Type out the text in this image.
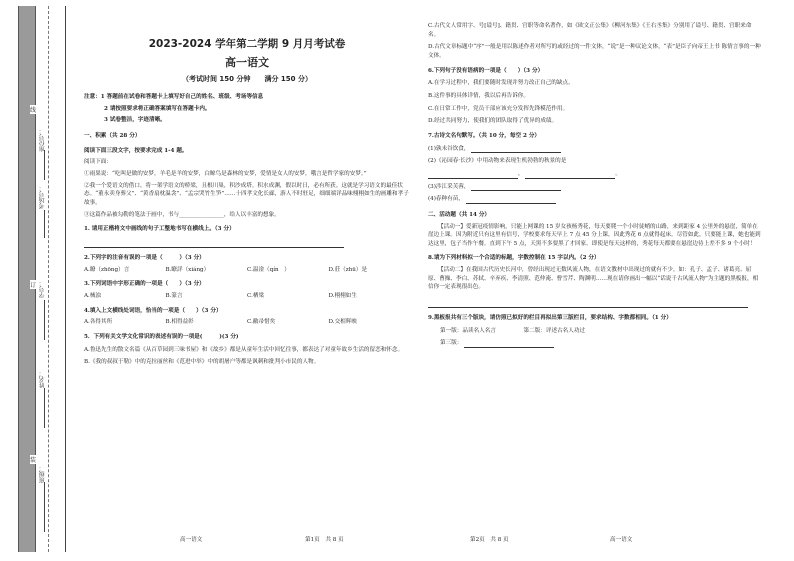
线
订
装
座位号：
考场号：
学号：
姓名：
班级：
2023-2024 学年第二学期 9 月月考试卷
高一语文
（考试时间 150 分钟　　满分 150 分）
注意：1 答题前在试卷和答题卡上填写好自己的姓名、班级、考场等信息
2 请按照要求将正确答案填写在答题卡内。
3 试卷整洁，字迹清晰。
一、积累（共 28 分）
阅读下面三段文字，按要求完成 1-4 题。
阅读下面：
①雨果说：“吃叫是做的安梦，羊毛是羊的安梦，白鲸鸟是森林的安梦，爱情是女人的安梦，哦言是哲学家的安梦。”
②我一个爱语文的借口，将一架学语文的桥梁，且根川巢，积沙成塔。积水成渊，假以时日，必有所获。这就是学习语文的最佳状态。“董永卖身葬父”、“黄香扇枕温衾”、“孟宗哭竹生笋”……十四孝文化长廊，游人不时驻足，细细端详品味栩栩如生的画雕和孝子故事。
③这篇作品被勾勒的笔法于画中，书与________________，给人以丰富的想象。
1. 请用正楷将文中画线的句子工整地书写在横线上。（3 分）
2.下列字的注音有误的一项是（　　　）（3 分）
A.瞭（zhōng）言	B.瞭詳（xiáng）	C.温淦（qín　）	D.莊（zhū）是
3.下列词语中字形正确的一项是（　　）（3 分）
A.械浊	B.篆言	C.栖梁	D.栩栩如生
4.填入上文横线处词语，恰当的一项是（　　）（3 分）
A.各得其所	B.相得益彰	C.敝帚惜矣	D.交相辉映
5．下列有关文学文化常识的表述有误的一项是(　　　)(3 分)
A.鲁迅先生的散文名篇《从百草园到三味书屋》和《故乡》都是从童年生活中回忆往事，都表达了对童年故乡生活的留恋和怀念。
B.《我的叔叔于勒》中的克拉丽丝和《范进中举》中的胡屠户等都是讽刺和批判小市民的人物。
C.古代文人常用字、号[谥号]、籍贯、官职等命名著作，如《欧文正公集》《柳河东集》《王右丞集》分别用了谥号、籍贯、官职来命名。
D.古代文章标题中“序”一般是用以陈述作者对所写的或经过的一件文体，“说”是一种议论文体，“表”是臣子向帝王上书 陈情言事的一种文体。
6.下列句子没有语病的一项是（　　）（3 分）
A.在学习过程中，我们要随时发现并努力改正自己的缺点。
B.这件事的具体详情，我以后再告诉你。
C.在日常工作中，党员干部应该充分发挥先锋模范作用。
D.经过共同努力，使我们的团队取得了优异的成绩。
7.古诗文名句默写。（共 10 分，每空 2 分）
(1)孰未谷饮食，
(2)《沁园春·长沙》中用动物来表现生机勃勃的秋景的是
，	。
(3)涉江采芙蓉，
(4)春种有苗，
二、活动题（共 14 分）
【活动一】爱新冠疫情影响，只能上网课的 15 岁女孩杨秀花，每天要爬一个小时徒峭的山路，来到距家 4 公里外的悬崖，简单在崖边上课。因为附近只有这里有信号，学校要求每天早上 7 点 45 分上课，因此秀花 6 点就得起床。尽管如此，只要能上课，她也能到达这里，包子当作午餐。直到下午 5 点，天黑不多要黑了才回家。即使是每天这样的，秀花每天都要在悬崖边待上差不多 9 个小时！
8.请为下列材料拟一个合适的标题，字数控制在 15 字以内。（2 分）
【活动二】在我国古代历史长河中，曾经出现过无数风流人物，在语文教材中出现过的就有不少，如：孔子、孟子、诸葛亮、屈原、曹操、李白、苏轼、辛弃疾、李清照、范仲淹、曹雪芹、陶渊明……现在请你画出一幅以“话说千古风流人物”为主题的黑板报，相信你一定表现很出色。
9.黑板报共有三个版块，请仿照已拟好的栏目再拟出第三版栏目，要求结构、字数都相同。（1 分）
第一版：品读名人名言	第二版：评述古名人功过
第三版：
高一语文	第1页　共 8 页	第2页　共 8 页	高一语文
